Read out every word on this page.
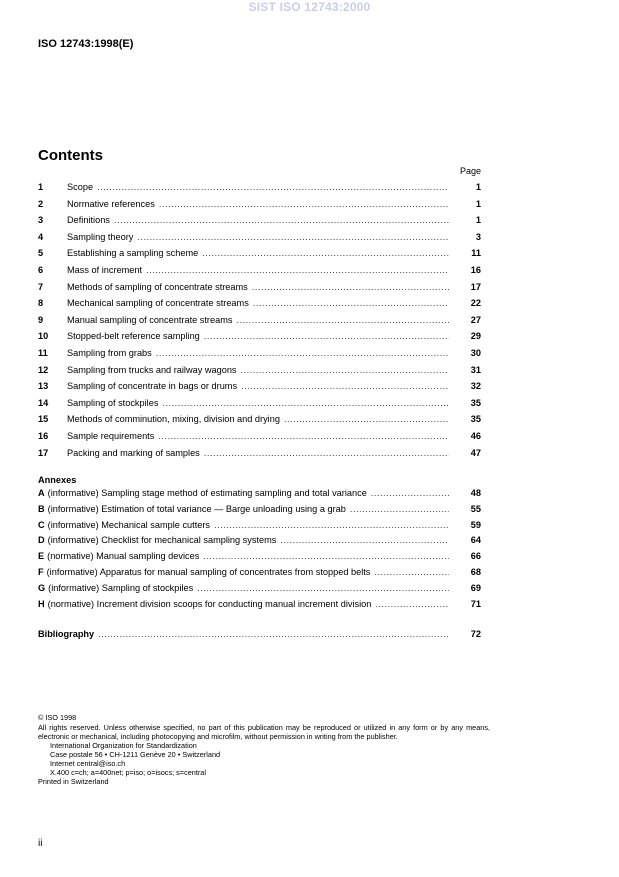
SIST ISO 12743:2000
ISO 12743:1998(E)
Contents
Page
1	Scope .....	1
2	Normative references .....	1
3	Definitions .....	1
4	Sampling theory .....	3
5	Establishing a sampling scheme .....	11
6	Mass of increment .....	16
7	Methods of sampling of concentrate streams .....	17
8	Mechanical sampling of concentrate streams .....	22
9	Manual sampling of concentrate streams .....	27
10	Stopped-belt reference sampling .....	29
11	Sampling from grabs .....	30
12	Sampling from trucks and railway wagons .....	31
13	Sampling of concentrate in bags or drums .....	32
14	Sampling of stockpiles .....	35
15	Methods of comminution, mixing, division and drying .....	35
16	Sample requirements .....	46
17	Packing and marking of samples .....	47
Annexes
A (informative) Sampling stage method of estimating sampling and total variance .....	48
B (informative) Estimation of total variance — Barge unloading using a grab .....	55
C (informative) Mechanical sample cutters .....	59
D (informative) Checklist for mechanical sampling systems .....	64
E (normative) Manual sampling devices .....	66
F (informative) Apparatus for manual sampling of concentrates from stopped belts .....	68
G (informative) Sampling of stockpiles .....	69
H (normative) Increment division scoops for conducting manual increment division .....	71
Bibliography .....	72
© ISO 1998
All rights reserved. Unless otherwise specified, no part of this publication may be reproduced or utilized in any form or by any means, electronic or mechanical, including photocopying and microfilm, without permission in writing from the publisher.
International Organization for Standardization
Case postale 56 • CH-1211 Genève 20 • Switzerland
Internet central@iso.ch
X.400 c=ch; a=400net; p=iso; o=isocs; s=central
Printed in Switzerland
ii
